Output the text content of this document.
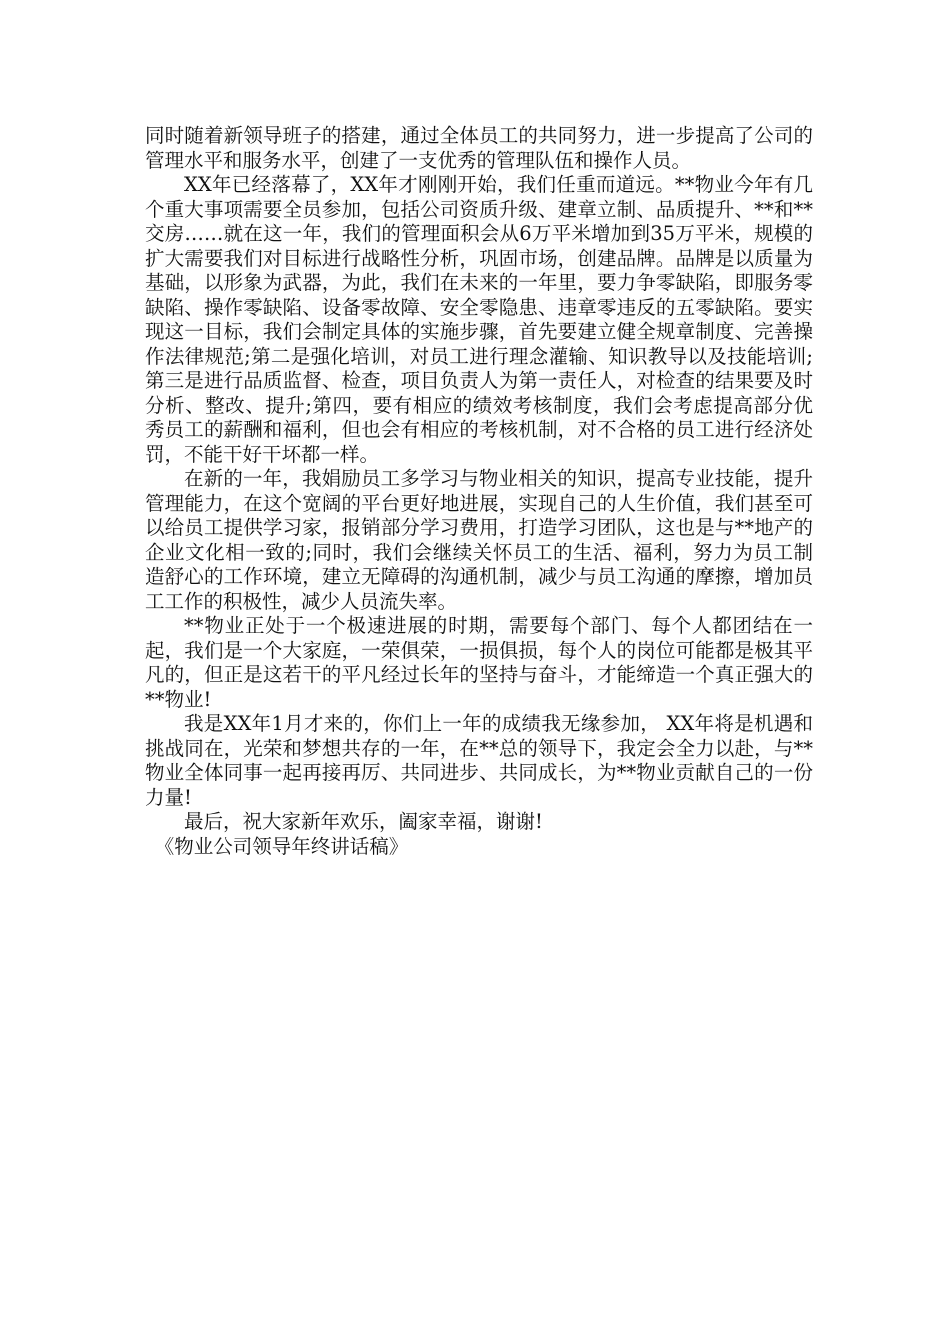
同时随着新领导班子的搭建，通过全体员工的共同努力，进一步提高了公司的管理水平和服务水平，创建了一支优秀的管理队伍和操作人员。

XX年已经落幕了，XX年才刚刚开始，我们任重而道远。**物业今年有几个重大事项需要全员参加，包括公司资质升级、建章立制、品质提升、**和**交房……就在这一年，我们的管理面积会从6万平米增加到35万平米，规模的扩大需要我们对目标进行战略性分析，巩固市场，创建品牌。品牌是以质量为基础，以形象为武器，为此，我们在未来的一年里，要力争零缺陷，即服务零缺陷、操作零缺陷、设备零故障、安全零隐患、违章零违反的五零缺陷。要实现这一目标，我们会制定具体的实施步骤，首先要建立健全规章制度、完善操作法律规范;第二是强化培训，对员工进行理念灌输、知识教导以及技能培训;第三是进行品质监督、检查，项目负责人为第一责任人，对检查的结果要及时分析、整改、提升;第四，要有相应的绩效考核制度，我们会考虑提高部分优秀员工的薪酬和福利，但也会有相应的考核机制，对不合格的员工进行经济处罚，不能干好干坏都一样。

在新的一年，我娟励员工多学习与物业相关的知识，提高专业技能，提升管理能力，在这个宽阔的平台更好地进展，实现自己的人生价值，我们甚至可以给员工提供学习家，报销部分学习费用，打造学习团队，这也是与**地产的企业文化相一致的;同时，我们会继续关怀员工的生活、福利，努力为员工制造舒心的工作环境，建立无障碍的沟通机制，减少与员工沟通的摩擦，增加员工工作的积极性，减少人员流失率。

**物业正处于一个极速进展的时期，需要每个部门、每个人都团结在一起，我们是一个大家庭，一荣俱荣，一损俱损，每个人的岗位可能都是极其平凡的，但正是这若干的平凡经过长年的坚持与奋斗，才能缔造一个真正强大的**物业!

我是XX年1月才来的，你们上一年的成绩我无缘参加， XX年将是机遇和挑战同在，光荣和梦想共存的一年，在**总的领导下，我定会全力以赴，与**物业全体同事一起再接再厉、共同进步、共同成长，为**物业贡献自己的一份力量!

最后，祝大家新年欢乐，阖家幸福，谢谢!

《物业公司领导年终讲话稿》
